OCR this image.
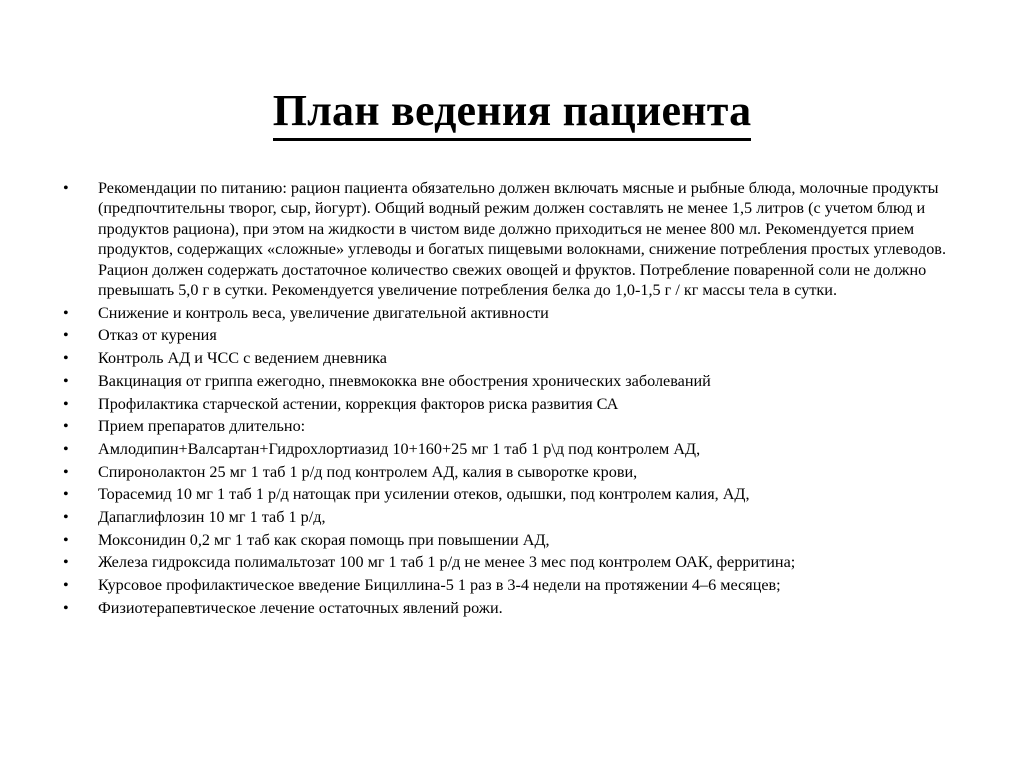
План ведения пациента
• Рекомендации по питанию: рацион пациента обязательно должен включать мясные и рыбные блюда, молочные продукты (предпочтительны творог, сыр, йогурт). Общий водный режим должен составлять не менее 1,5 литров (с учетом блюд и продуктов рациона), при этом на жидкости в чистом виде должно приходиться не менее 800 мл. Рекомендуется прием продуктов, содержащих «сложные» углеводы и богатых пищевыми волокнами, снижение потребления простых углеводов. Рацион должен содержать достаточное количество свежих овощей и фруктов. Потребление поваренной соли не должно превышать 5,0 г в сутки. Рекомендуется увеличение потребления белка до 1,0-1,5 г / кг массы тела в сутки.
• Снижение и контроль веса, увеличение двигательной активности
• Отказ от курения
• Контроль АД и ЧСС с ведением дневника
• Вакцинация от гриппа ежегодно, пневмококка вне обострения хронических заболеваний
• Профилактика старческой астении, коррекция факторов риска развития СА
• Прием препаратов длительно:
• Амлодипин+Валсартан+Гидрохлортиазид 10+160+25 мг 1 таб 1 р\д под контролем АД,
• Спиронолактон 25 мг 1 таб 1 р/д под контролем АД, калия в сыворотке крови,
• Торасемид 10 мг 1 таб 1 р/д натощак при усилении отеков, одышки, под контролем калия, АД,
• Дапаглифлозин 10 мг 1 таб 1 р/д,
• Моксонидин 0,2 мг 1 таб как скорая помощь при повышении АД,
• Железа гидроксида полимальтозат 100 мг 1 таб 1 р/д не менее 3 мес под контролем ОАК, ферритина;
• Курсовое профилактическое введение Бициллина-5 1 раз в 3-4 недели на протяжении 4–6 месяцев;
• Физиотерапевтическое лечение остаточных явлений рожи.
